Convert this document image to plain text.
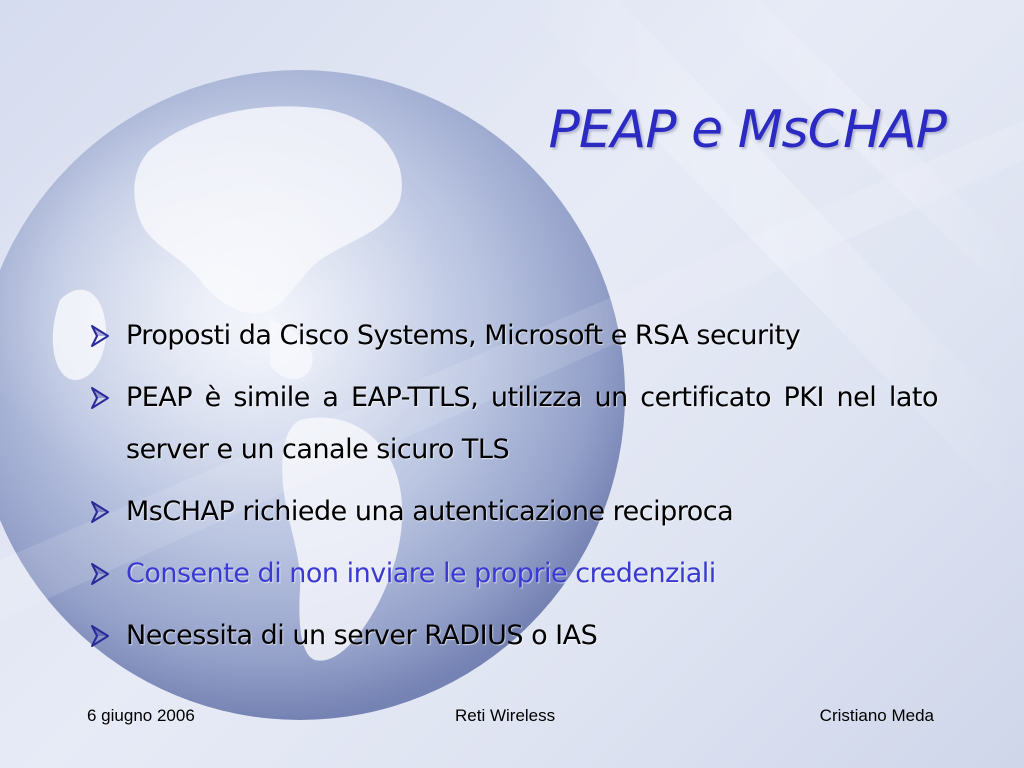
PEAP e MsCHAP
Proposti da Cisco Systems, Microsoft e RSA security
PEAP è simile a EAP-TTLS, utilizza un certificato PKI nel lato server e un canale sicuro TLS
MsCHAP richiede una autenticazione reciproca
Consente di non inviare le proprie credenziali
Necessita di un server RADIUS o IAS
6 giugno 2006	Reti Wireless	Cristiano Meda
